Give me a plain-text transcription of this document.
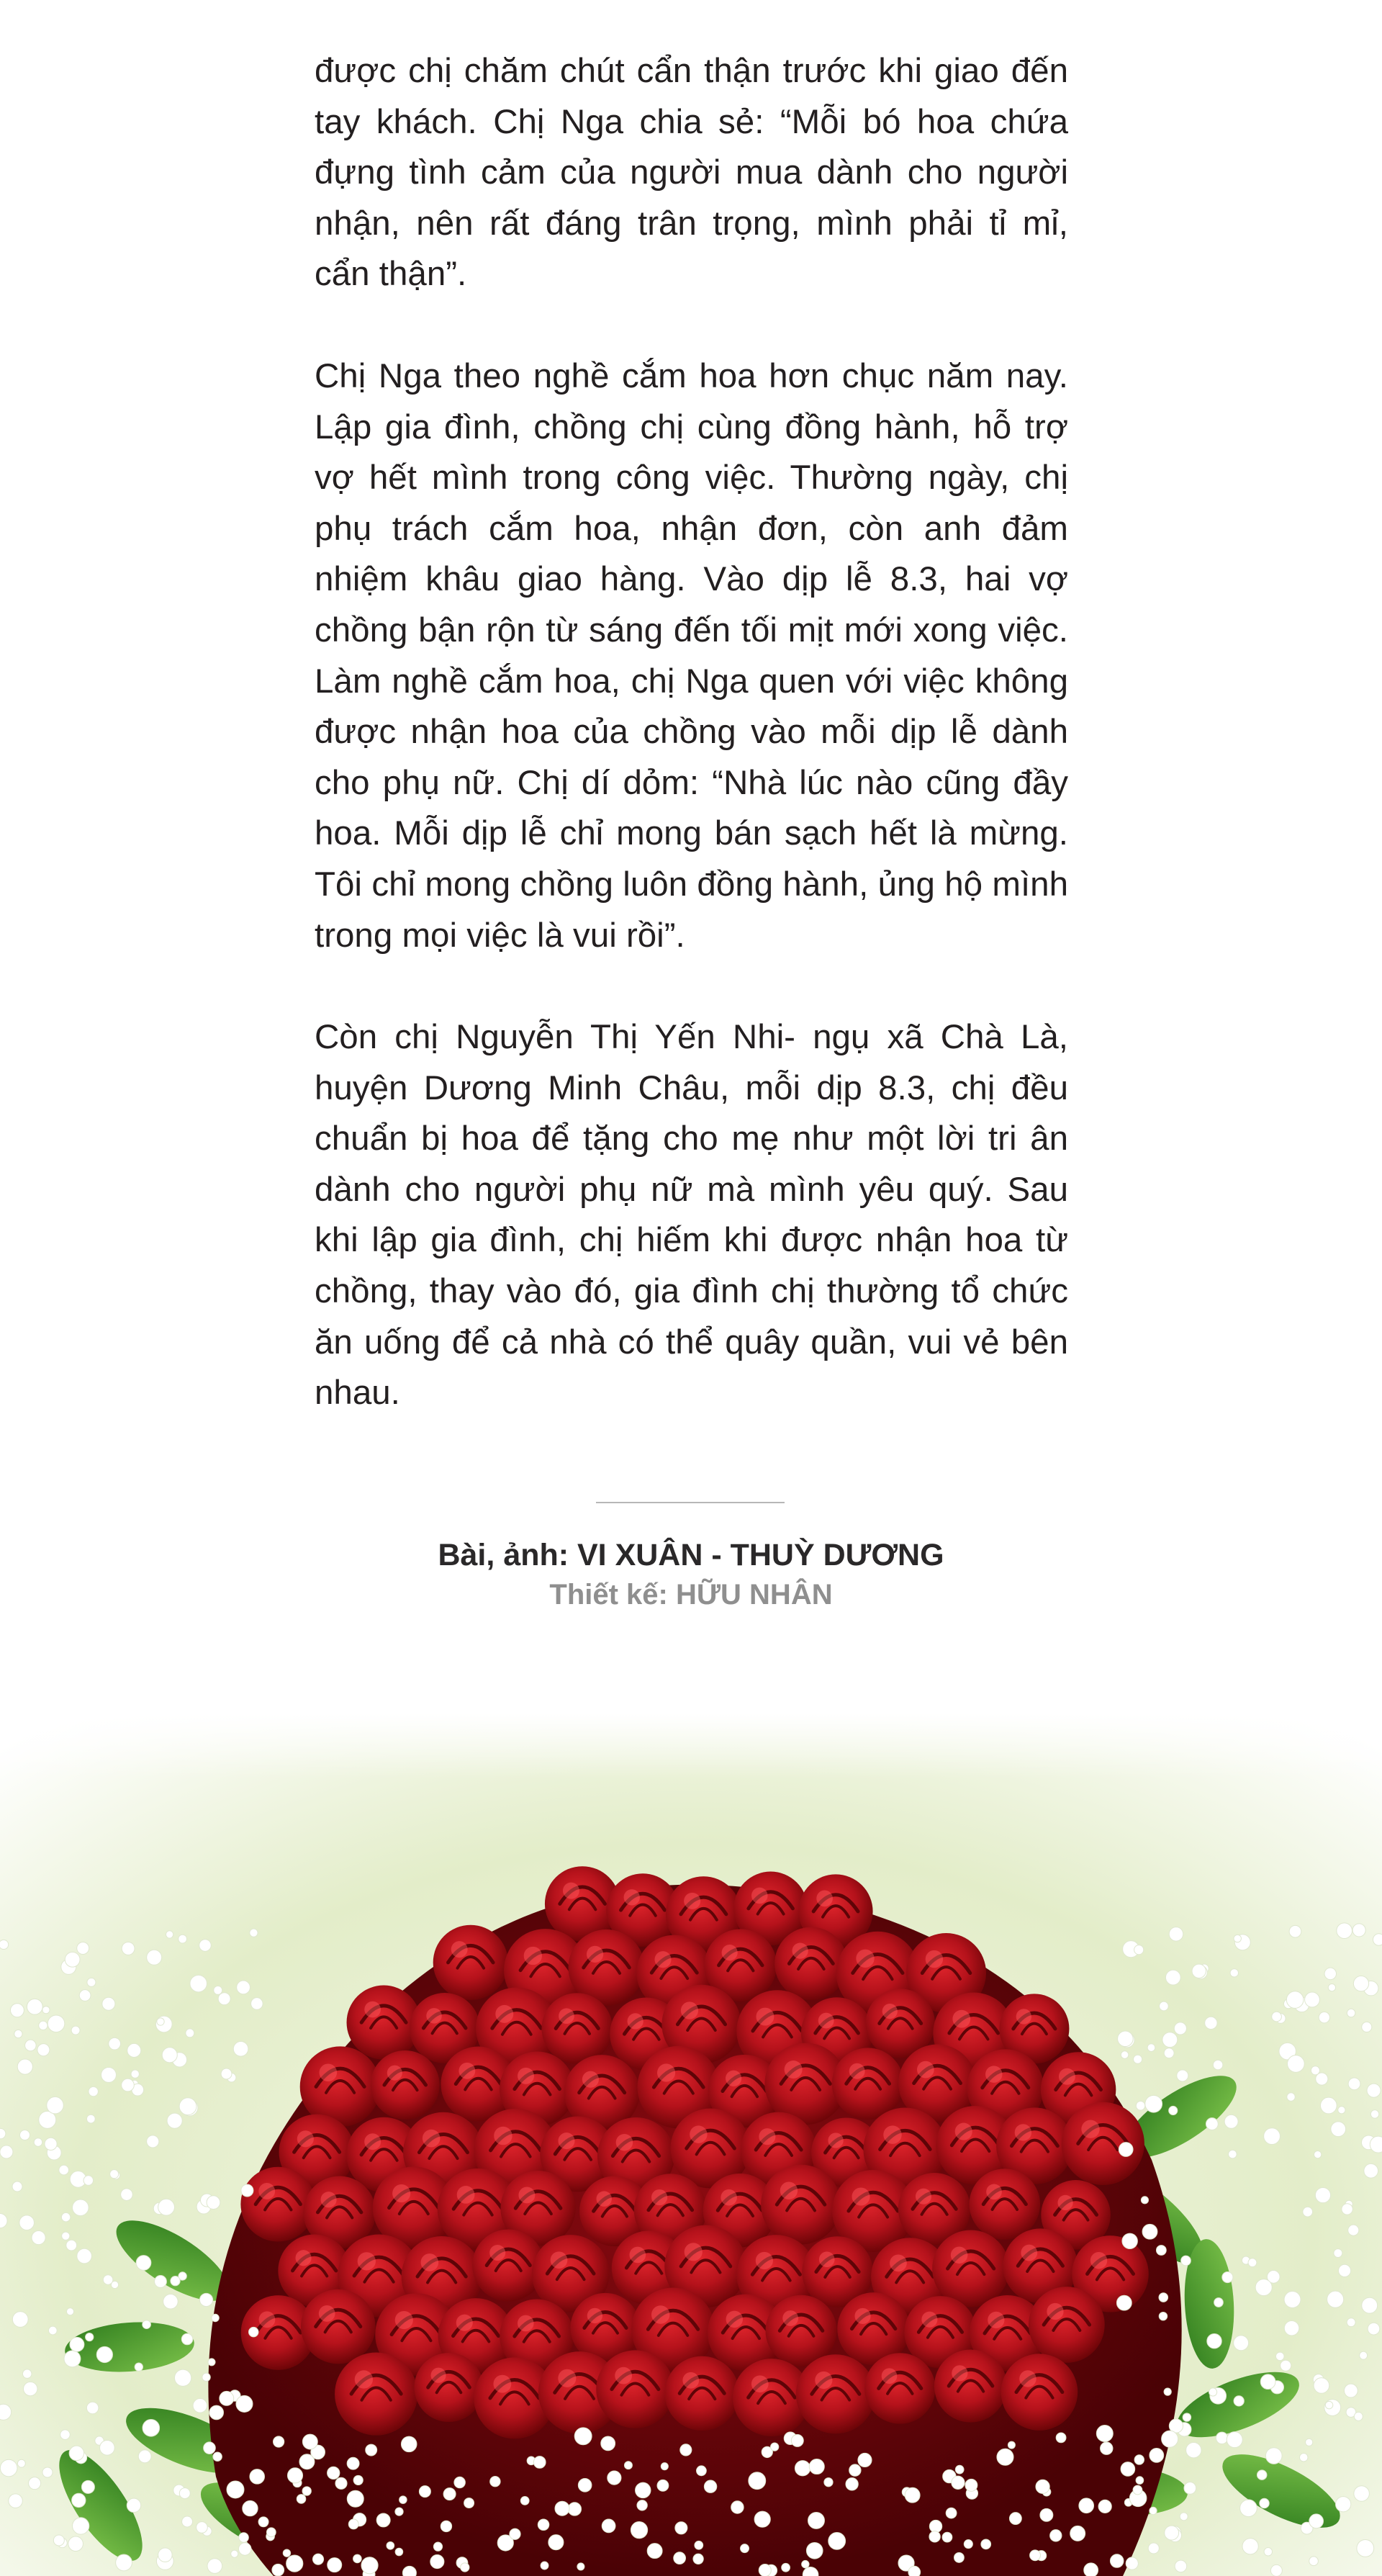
được chị chăm chút cẩn thận trước khi giao đến tay khách. Chị Nga chia sẻ: “Mỗi bó hoa chứa đựng tình cảm của người mua dành cho người nhận, nên rất đáng trân trọng, mình phải tỉ mỉ, cẩn thận”.

Chị Nga theo nghề cắm hoa hơn chục năm nay. Lập gia đình, chồng chị cùng đồng hành, hỗ trợ vợ hết mình trong công việc. Thường ngày, chị phụ trách cắm hoa, nhận đơn, còn anh đảm nhiệm khâu giao hàng. Vào dịp lễ 8.3, hai vợ chồng bận rộn từ sáng đến tối mịt mới xong việc. Làm nghề cắm hoa, chị Nga quen với việc không được nhận hoa của chồng vào mỗi dịp lễ dành cho phụ nữ. Chị dí dỏm: “Nhà lúc nào cũng đầy hoa. Mỗi dịp lễ chỉ mong bán sạch hết là mừng. Tôi chỉ mong chồng luôn đồng hành, ủng hộ mình trong mọi việc là vui rồi”.

Còn chị Nguyễn Thị Yến Nhi- ngụ xã Chà Là, huyện Dương Minh Châu, mỗi dịp 8.3, chị đều chuẩn bị hoa để tặng cho mẹ như một lời tri ân dành cho người phụ nữ mà mình yêu quý. Sau khi lập gia đình, chị hiếm khi được nhận hoa từ chồng, thay vào đó, gia đình chị thường tổ chức ăn uống để cả nhà có thể quây quần, vui vẻ bên nhau.

Bài, ảnh: VI XUÂN - THUỲ DƯƠNG
Thiết kế: HỮU NHÂN
